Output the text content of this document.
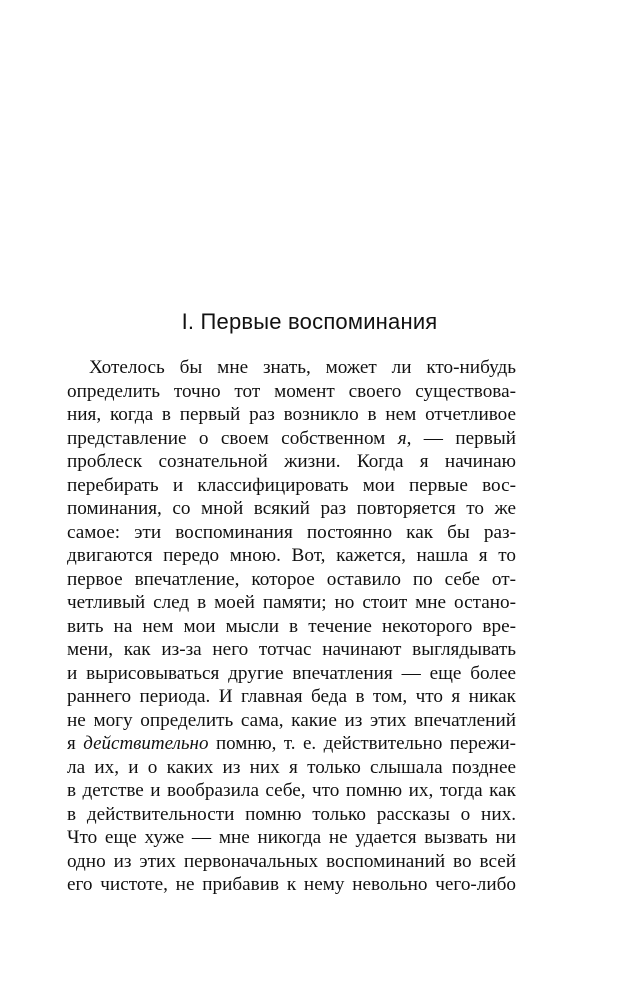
I. Первые воспоминания
Хотелось бы мне знать, может ли кто-нибудь
определить точно тот момент своего существова-
ния, когда в первый раз возникло в нем отчетливое
представление о своем собственном я, — первый
проблеск сознательной жизни. Когда я начинаю
перебирать и классифицировать мои первые вос-
поминания, со мной всякий раз повторяется то же
самое: эти воспоминания постоянно как бы раз-
двигаются передо мною. Вот, кажется, нашла я то
первое впечатление, которое оставило по себе от-
четливый след в моей памяти; но стоит мне остано-
вить на нем мои мысли в течение некоторого вре-
мени, как из-за него тотчас начинают выглядывать
и вырисовываться другие впечатления — еще более
раннего периода. И главная беда в том, что я никак
не могу определить сама, какие из этих впечатлений
я действительно помню, т. е. действительно пережи-
ла их, и о каких из них я только слышала позднее
в детстве и вообразила себе, что помню их, тогда как
в действительности помню только рассказы о них.
Что еще хуже — мне никогда не удается вызвать ни
одно из этих первоначальных воспоминаний во всей
его чистоте, не прибавив к нему невольно чего-либо
